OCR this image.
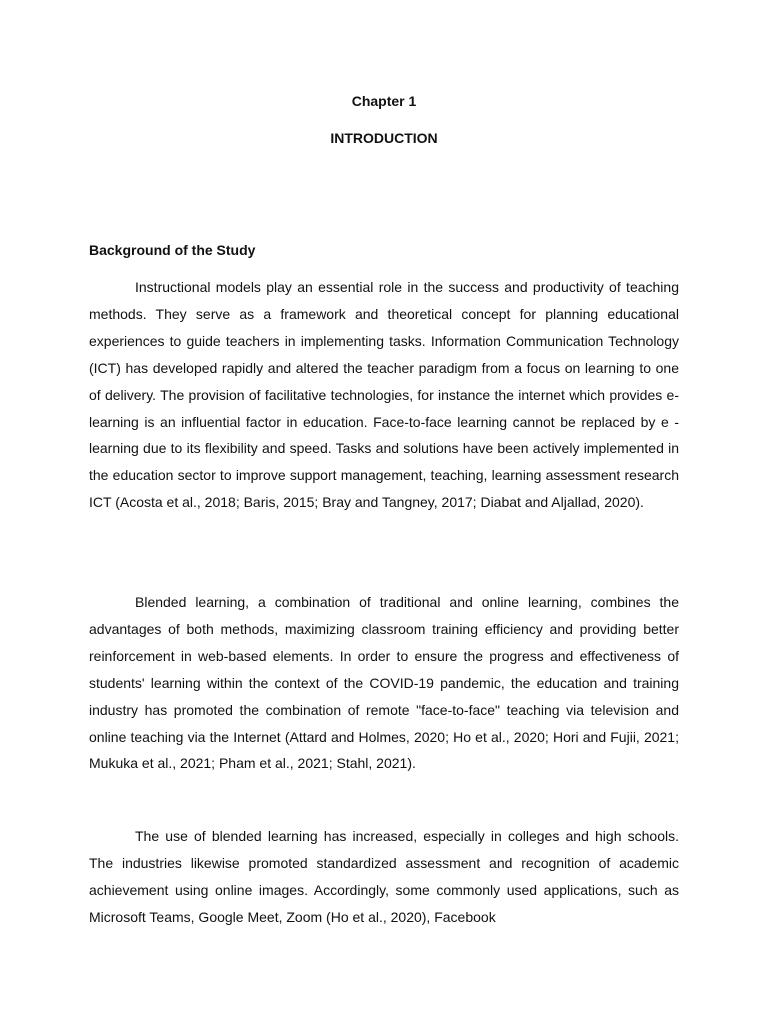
Chapter 1
INTRODUCTION
Background of the Study

Instructional models play an essential role in the success and productivity of teaching methods. They serve as a framework and theoretical concept for planning educational experiences to guide teachers in implementing tasks. Information Communication Technology (ICT) has developed rapidly and altered the teacher paradigm from a focus on learning to one of delivery. The provision of facilitative technologies, for instance the internet which provides e-learning is an influential factor in education. Face-to-face learning cannot be replaced by e -learning due to its flexibility and speed. Tasks and solutions have been actively implemented in the education sector to improve support management, teaching, learning assessment research ICT (Acosta et al., 2018; Baris, 2015; Bray and Tangney, 2017; Diabat and Aljallad, 2020).

Blended learning, a combination of traditional and online learning, combines the advantages of both methods, maximizing classroom training efficiency and providing better reinforcement in web-based elements. In order to ensure the progress and effectiveness of students' learning within the context of the COVID-19 pandemic, the education and training industry has promoted the combination of remote "face-to-face" teaching via television and online teaching via the Internet (Attard and Holmes, 2020; Ho et al., 2020; Hori and Fujii, 2021; Mukuka et al., 2021; Pham et al., 2021; Stahl, 2021).

The use of blended learning has increased, especially in colleges and high schools. The industries likewise promoted standardized assessment and recognition of academic achievement using online images. Accordingly, some commonly used applications, such as Microsoft Teams, Google Meet, Zoom (Ho et al., 2020), Facebook
